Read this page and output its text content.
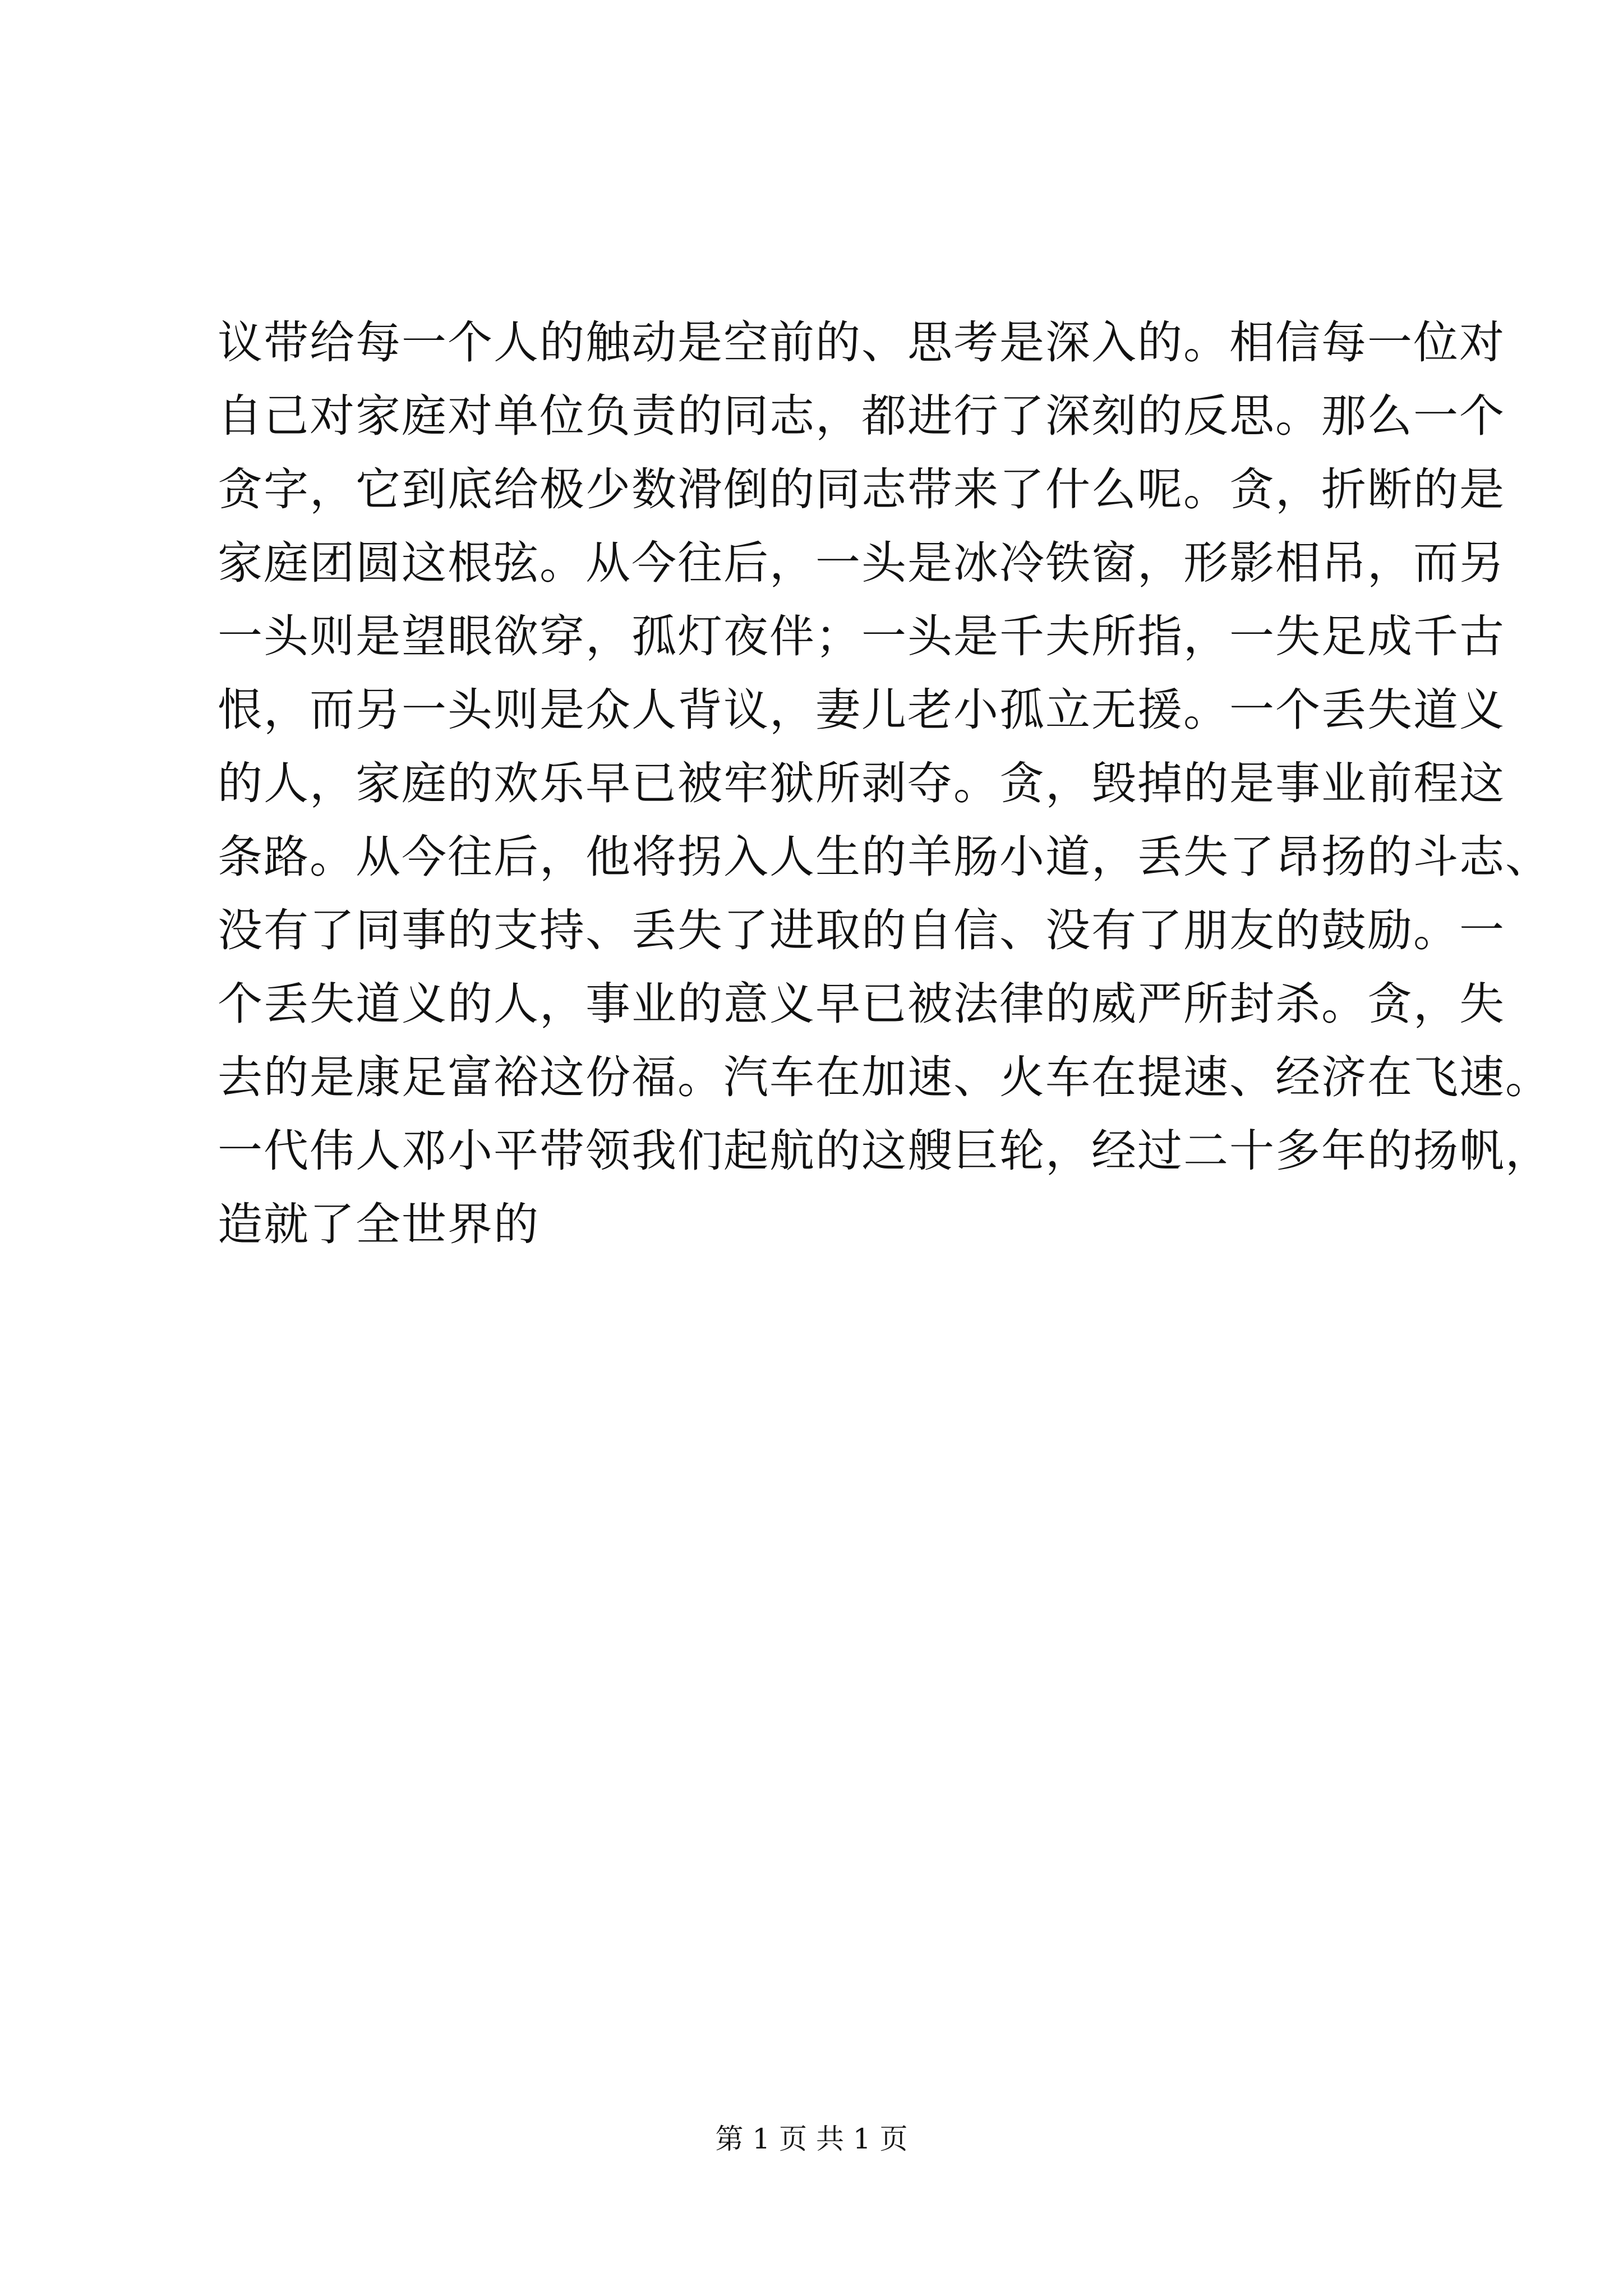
议带给每一个人的触动是空前的、思考是深入的。相信每一位对
自己对家庭对单位负责的同志，都进行了深刻的反思。那么一个
贪字，它到底给极少数滑倒的同志带来了什么呢。贪，折断的是
家庭团圆这根弦。从今往后，一头是冰冷铁窗，形影相吊，而另
一头则是望眼欲穿，孤灯夜伴；一头是千夫所指，一失足成千古
恨，而另一头则是众人背议，妻儿老小孤立无援。一个丢失道义
的人，家庭的欢乐早已被牢狱所剥夺。贪，毁掉的是事业前程这
条路。从今往后，他将拐入人生的羊肠小道，丢失了昂扬的斗志、
没有了同事的支持、丢失了进取的自信、没有了朋友的鼓励。一
个丢失道义的人，事业的意义早已被法律的威严所封杀。贪，失
去的是康足富裕这份福。汽车在加速、火车在提速、经济在飞速。
一代伟人邓小平带领我们起航的这艘巨轮，经过二十多年的扬帆，
造就了全世界的
第 1 页 共 1 页
